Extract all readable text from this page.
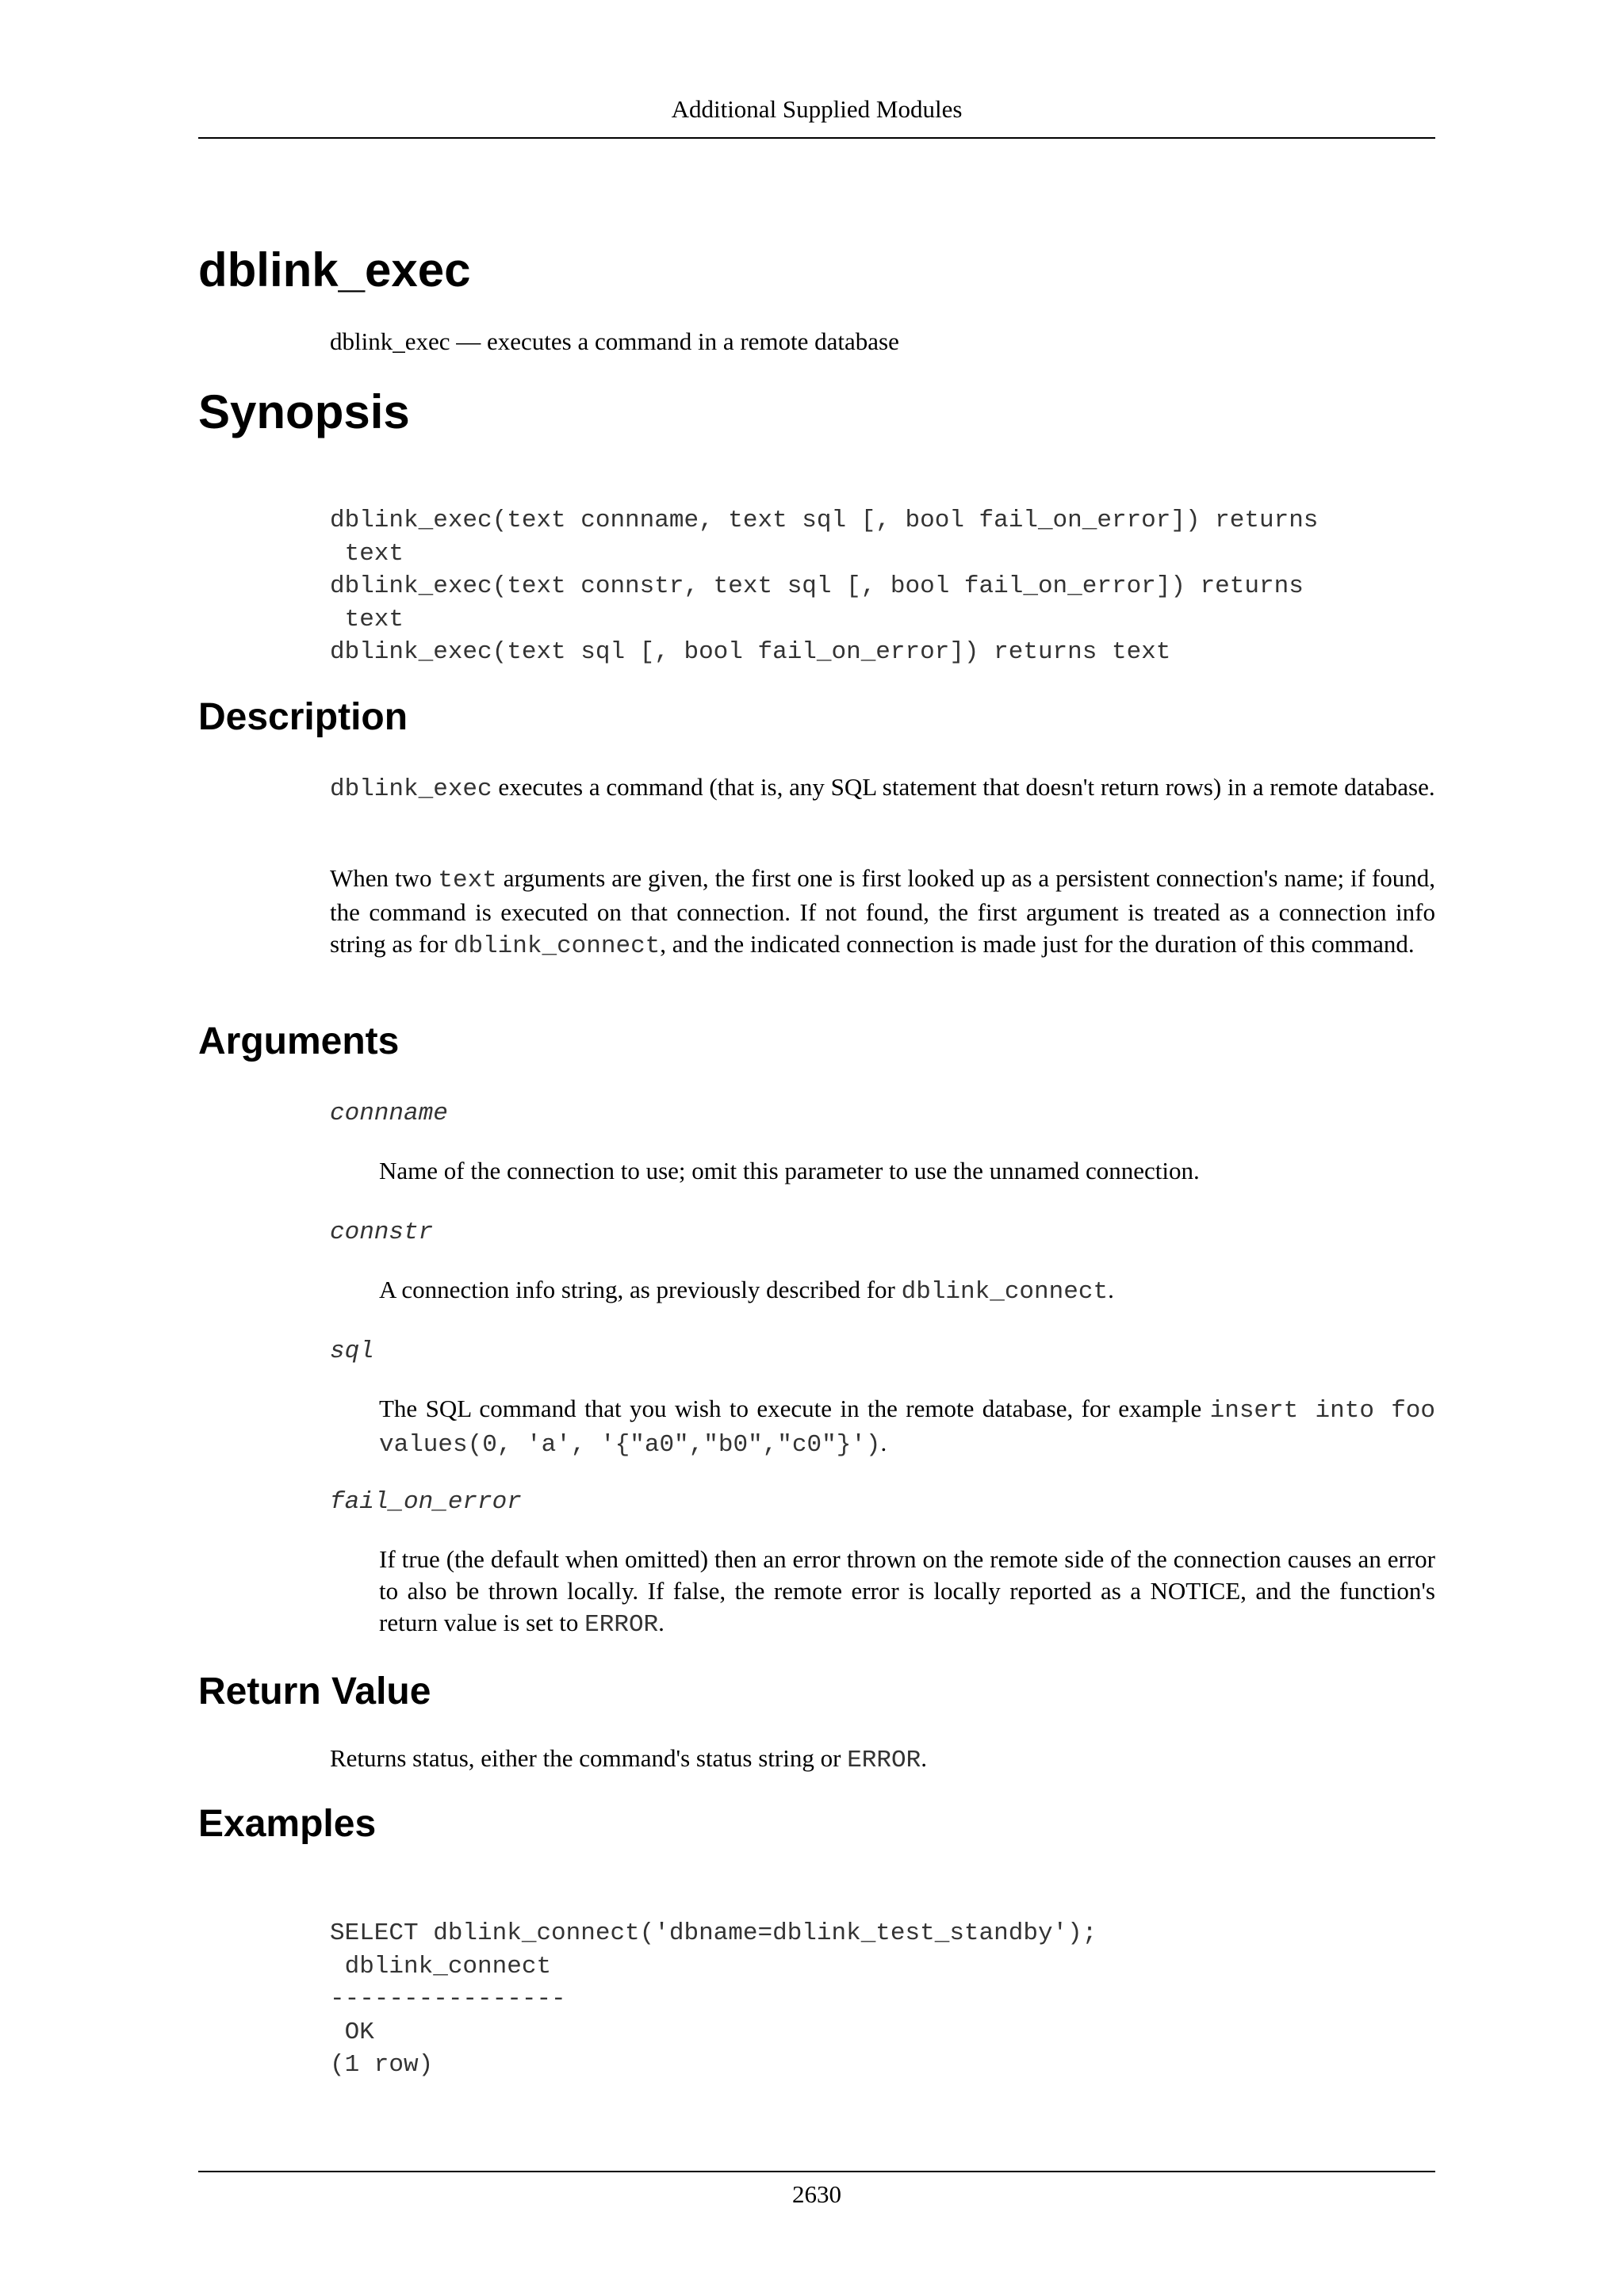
Additional Supplied Modules
dblink_exec

dblink_exec — executes a command in a remote database

Synopsis
dblink_exec(text connname, text sql [, bool fail_on_error]) returns
text
dblink_exec(text connstr, text sql [, bool fail_on_error]) returns
text
dblink_exec(text sql [, bool fail_on_error]) returns text
Description

dblink_exec executes a command (that is, any SQL statement that doesn't return rows) in a remote database.

When two text arguments are given, the first one is first looked up as a persistent connection's name; if found, the command is executed on that connection. If not found, the first argument is treated as a connection info string as for dblink_connect, and the indicated connection is made just for the duration of this command.

Arguments
connname

Name of the connection to use; omit this parameter to use the unnamed connection.

connstr

A connection info string, as previously described for dblink_connect.

sql

The SQL command that you wish to execute in the remote database, for example insert into foo values(0, 'a', '{"a0","b0","c0"}').

fail_on_error

If true (the default when omitted) then an error thrown on the remote side of the connection causes an error to also be thrown locally. If false, the remote error is locally reported as a NOTICE, and the function's return value is set to ERROR.

Return Value

Returns status, either the command's status string or ERROR.

Examples
SELECT dblink_connect('dbname=dblink_test_standby');
dblink_connect
----------------
OK
(1 row)
2630
